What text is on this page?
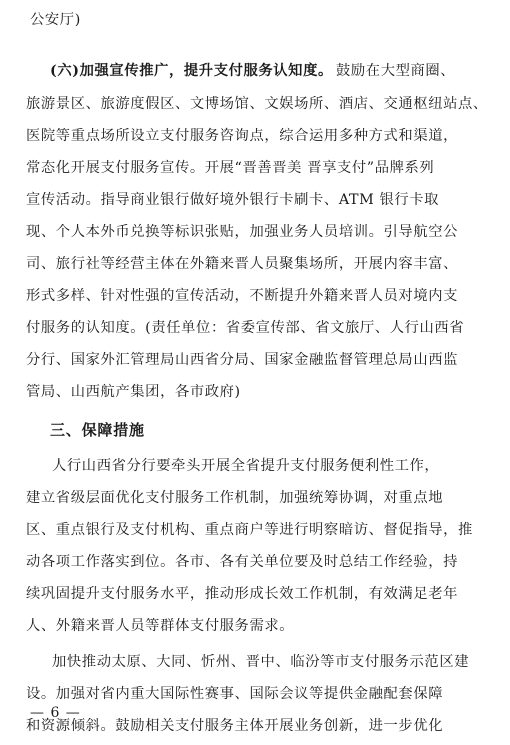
公安厅)
(六)加强宣传推广，提升支付服务认知度。 鼓励在大型商圈、
旅游景区、旅游度假区、文博场馆、文娱场所、酒店、交通枢纽站点、
医院等重点场所设立支付服务咨询点，综合运用多种方式和渠道，
常态化开展支付服务宣传。开展“晋善晋美 晋享支付”品牌系列
宣传活动。指导商业银行做好境外银行卡刷卡、ATM 银行卡取
现、个人本外币兑换等标识张贴，加强业务人员培训。引导航空公
司、旅行社等经营主体在外籍来晋人员聚集场所，开展内容丰富、
形式多样、针对性强的宣传活动，不断提升外籍来晋人员对境内支
付服务的认知度。(责任单位：省委宣传部、省文旅厅、人行山西省
分行、国家外汇管理局山西省分局、国家金融监督管理总局山西监
管局、山西航产集团，各市政府)
三、保障措施
人行山西省分行要牵头开展全省提升支付服务便利性工作，
建立省级层面优化支付服务工作机制，加强统筹协调，对重点地
区、重点银行及支付机构、重点商户等进行明察暗访、督促指导，推
动各项工作落实到位。各市、各有关单位要及时总结工作经验，持
续巩固提升支付服务水平，推动形成长效工作机制，有效满足老年
人、外籍来晋人员等群体支付服务需求。
加快推动太原、大同、忻州、晋中、临汾等市支付服务示范区建
设。加强对省内重大国际性赛事、国际会议等提供金融配套保障
和资源倾斜。鼓励相关支付服务主体开展业务创新，进一步优化
— 6 —
